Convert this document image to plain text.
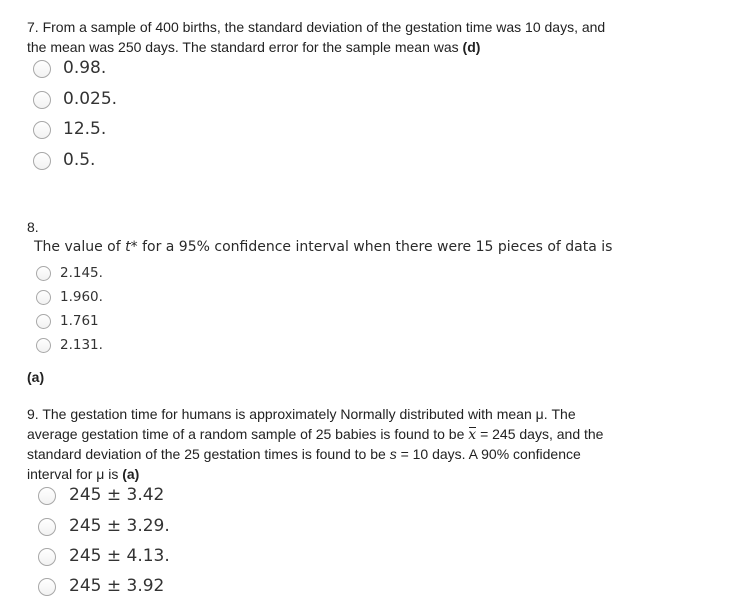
7. From a sample of 400 births, the standard deviation of the gestation time was 10 days, and
the mean was 250 days. The standard error for the sample mean was (d)
0.98.
0.025.
12.5.
0.5.
8.
The value of t* for a 95% confidence interval when there were 15 pieces of data is
2.145.
1.960.
1.761
2.131.
(a)
9. The gestation time for humans is approximately Normally distributed with mean μ. The
average gestation time of a random sample of 25 babies is found to be x = 245 days, and the
standard deviation of the 25 gestation times is found to be s = 10 days. A 90% confidence
interval for μ is (a)
245 ± 3.42
245 ± 3.29.
245 ± 4.13.
245 ± 3.92
